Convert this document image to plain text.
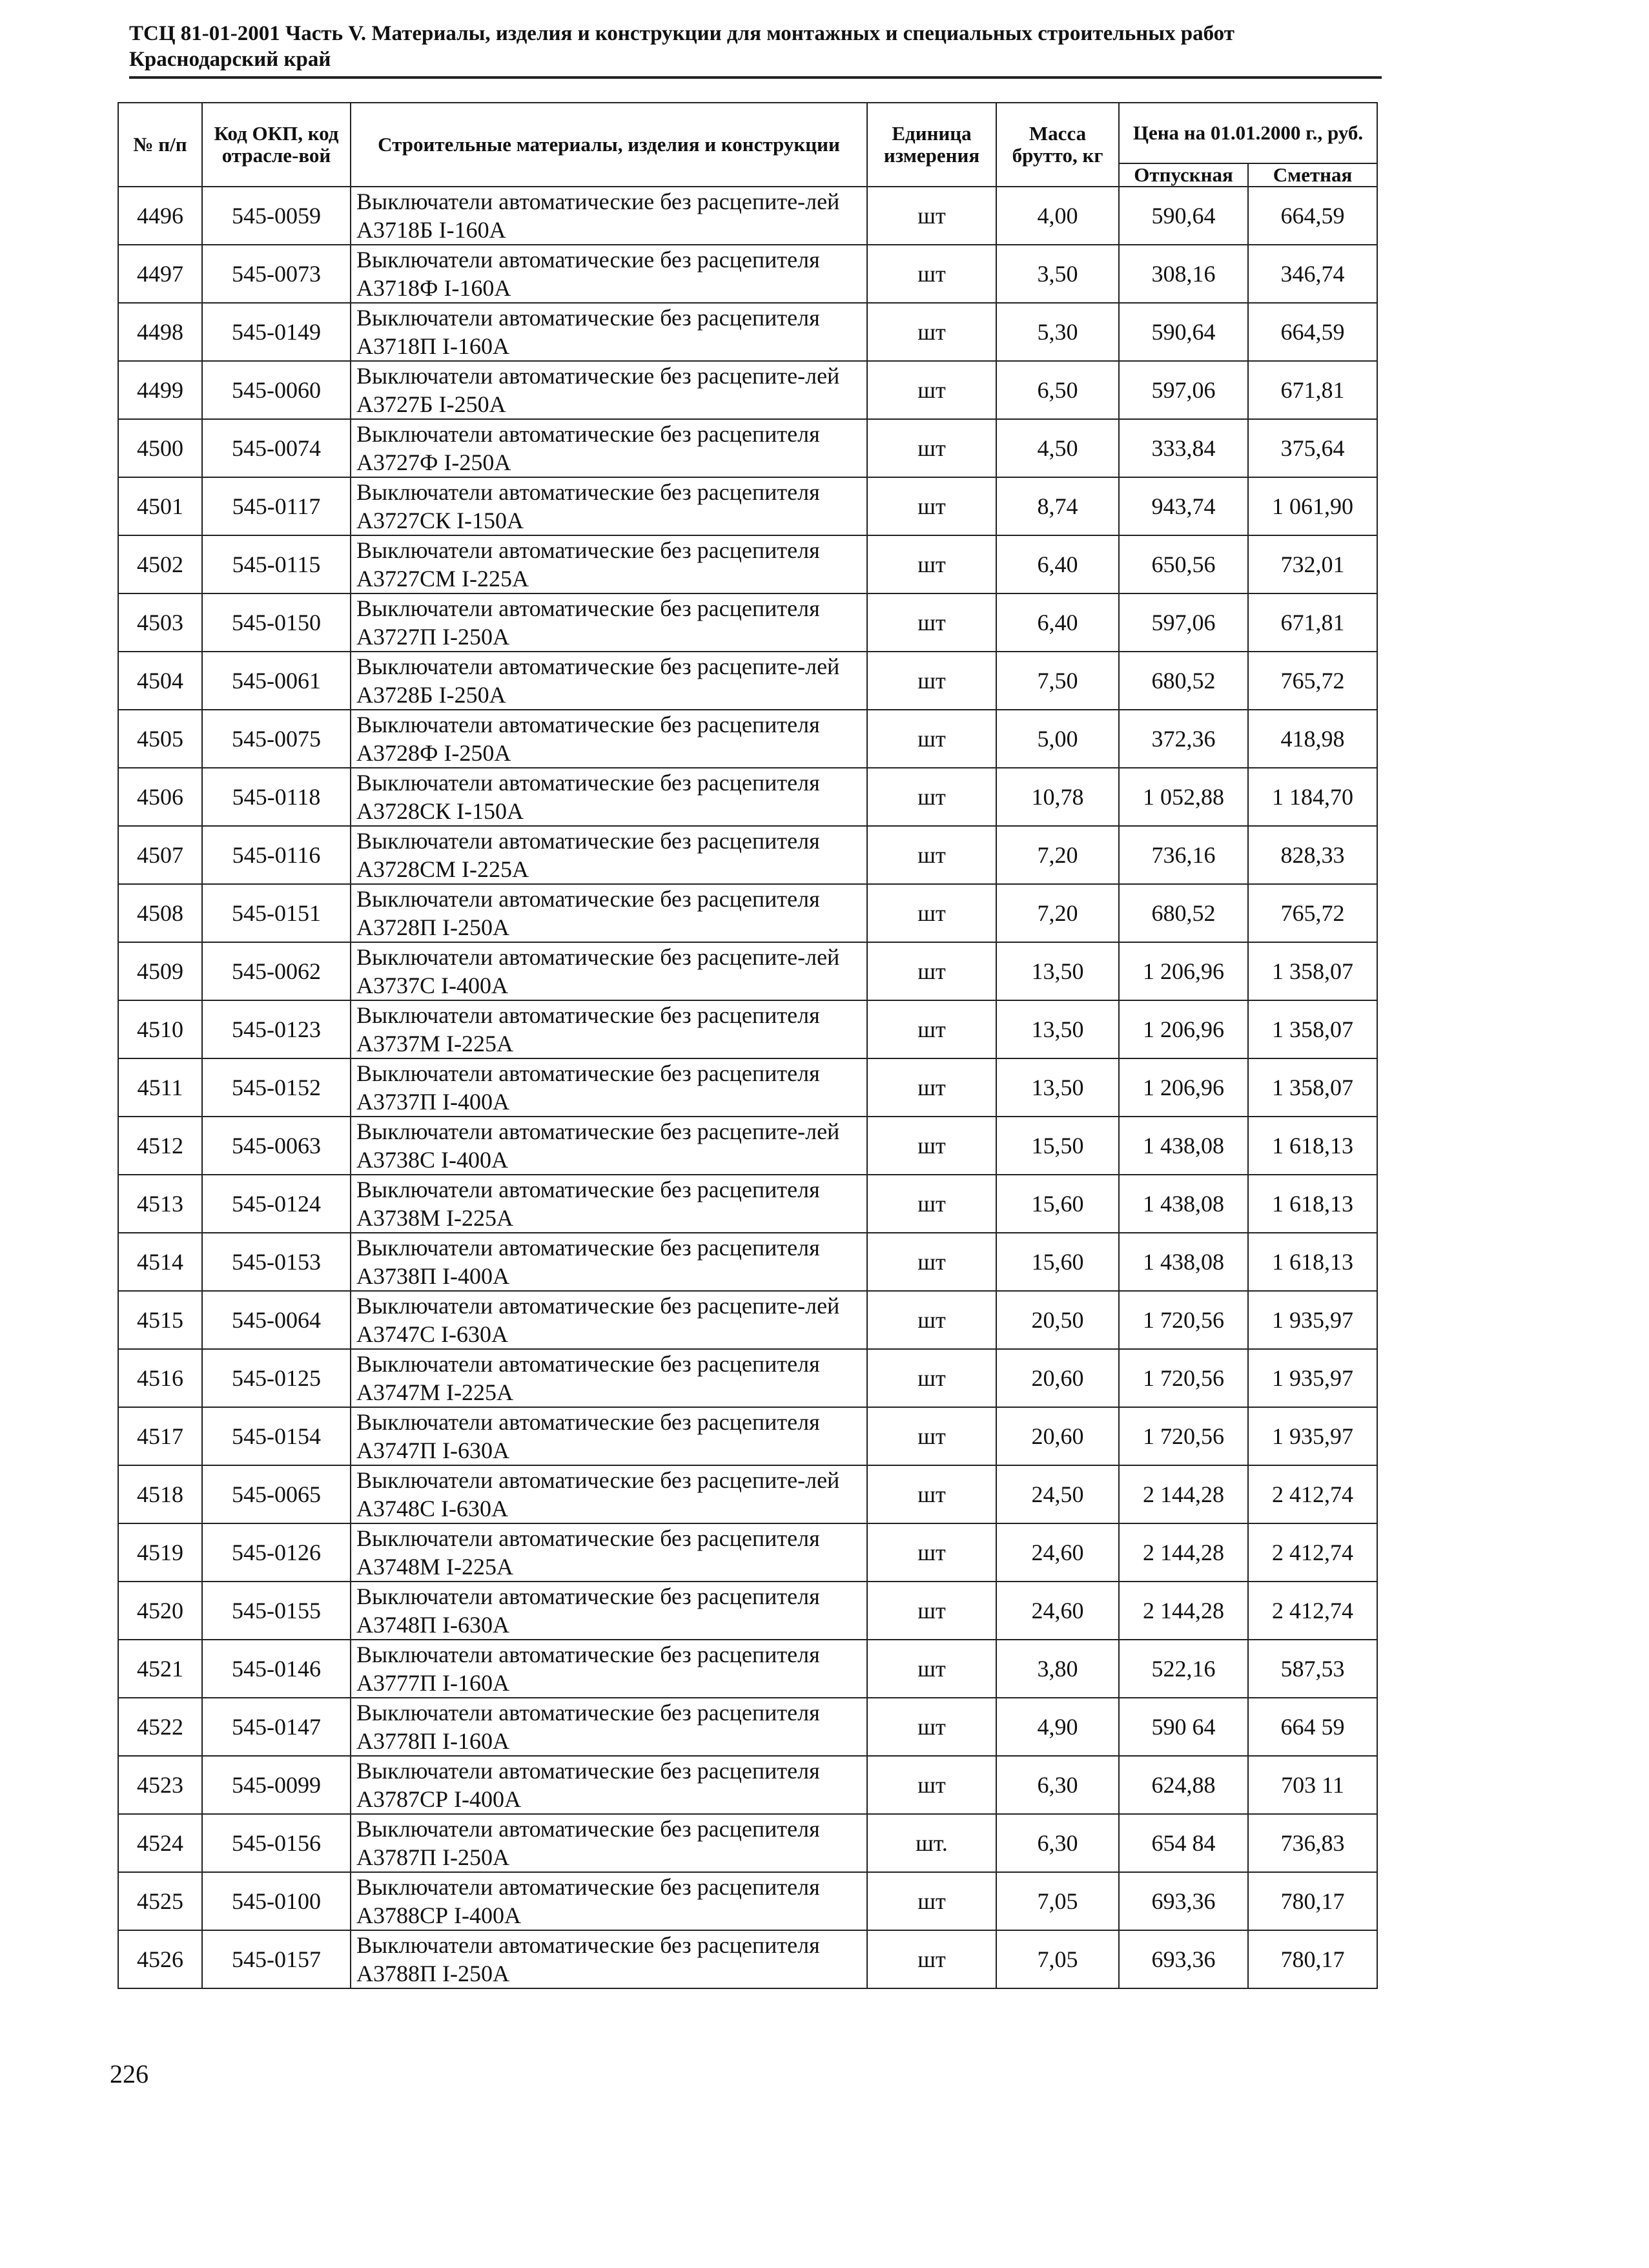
ТСЦ 81-01-2001 Часть V. Материалы, изделия и конструкции для монтажных и специальных строительных работ
Краснодарский край
№ п/п	Код ОКП, код отрасле-вой	Строительные материалы, изделия и конструкции	Единица измерения	Масса брутто, кг	Цена на 01.01.2000 г., руб.	
					Отпускная	Сметная
4496	545-0059	Выключатели автоматические без расцепите-лей А3718Б I-160А	шт	4,00	590,64	664,59
4497	545-0073	Выключатели автоматические без расцепителя А3718Ф I-160А	шт	3,50	308,16	346,74
4498	545-0149	Выключатели автоматические без расцепителя А3718П I-160А	шт	5,30	590,64	664,59
4499	545-0060	Выключатели автоматические без расцепите-лей А3727Б I-250А	шт	6,50	597,06	671,81
4500	545-0074	Выключатели автоматические без расцепителя А3727Ф I-250А	шт	4,50	333,84	375,64
4501	545-0117	Выключатели автоматические без расцепителя А3727СК I-150А	шт	8,74	943,74	1 061,90
4502	545-0115	Выключатели автоматические без расцепителя А3727СМ I-225А	шт	6,40	650,56	732,01
4503	545-0150	Выключатели автоматические без расцепителя А3727П I-250А	шт	6,40	597,06	671,81
4504	545-0061	Выключатели автоматические без расцепите-лей А3728Б I-250А	шт	7,50	680,52	765,72
4505	545-0075	Выключатели автоматические без расцепителя А3728Ф I-250А	шт	5,00	372,36	418,98
4506	545-0118	Выключатели автоматические без расцепителя А3728СК I-150А	шт	10,78	1 052,88	1 184,70
4507	545-0116	Выключатели автоматические без расцепителя А3728СМ I-225А	шт	7,20	736,16	828,33
4508	545-0151	Выключатели автоматические без расцепителя А3728П I-250А	шт	7,20	680,52	765,72
4509	545-0062	Выключатели автоматические без расцепите-лей А3737С I-400А	шт	13,50	1 206,96	1 358,07
4510	545-0123	Выключатели автоматические без расцепителя А3737М I-225А	шт	13,50	1 206,96	1 358,07
4511	545-0152	Выключатели автоматические без расцепителя А3737П I-400А	шт	13,50	1 206,96	1 358,07
4512	545-0063	Выключатели автоматические без расцепите-лей А3738С I-400А	шт	15,50	1 438,08	1 618,13
4513	545-0124	Выключатели автоматические без расцепителя А3738М I-225А	шт	15,60	1 438,08	1 618,13
4514	545-0153	Выключатели автоматические без расцепителя А3738П I-400А	шт	15,60	1 438,08	1 618,13
4515	545-0064	Выключатели автоматические без расцепите-лей А3747С I-630А	шт	20,50	1 720,56	1 935,97
4516	545-0125	Выключатели автоматические без расцепителя А3747М I-225А	шт	20,60	1 720,56	1 935,97
4517	545-0154	Выключатели автоматические без расцепителя А3747П I-630А	шт	20,60	1 720,56	1 935,97
4518	545-0065	Выключатели автоматические без расцепите-лей А3748С I-630А	шт	24,50	2 144,28	2 412,74
4519	545-0126	Выключатели автоматические без расцепителя А3748М I-225А	шт	24,60	2 144,28	2 412,74
4520	545-0155	Выключатели автоматические без расцепителя А3748П I-630А	шт	24,60	2 144,28	2 412,74
4521	545-0146	Выключатели автоматические без расцепителя А3777П I-160А	шт	3,80	522,16	587,53
4522	545-0147	Выключатели автоматические без расцепителя А3778П I-160А	шт	4,90	590 64	664 59
4523	545-0099	Выключатели автоматические без расцепителя А3787СР I-400А	шт	6,30	624,88	703 11
4524	545-0156	Выключатели автоматические без расцепителя А3787П I-250А	шт.	6,30	654 84	736,83
4525	545-0100	Выключатели автоматические без расцепителя А3788СР I-400А	шт	7,05	693,36	780,17
4526	545-0157	Выключатели автоматические без расцепителя А3788П I-250А	шт	7,05	693,36	780,17
226
